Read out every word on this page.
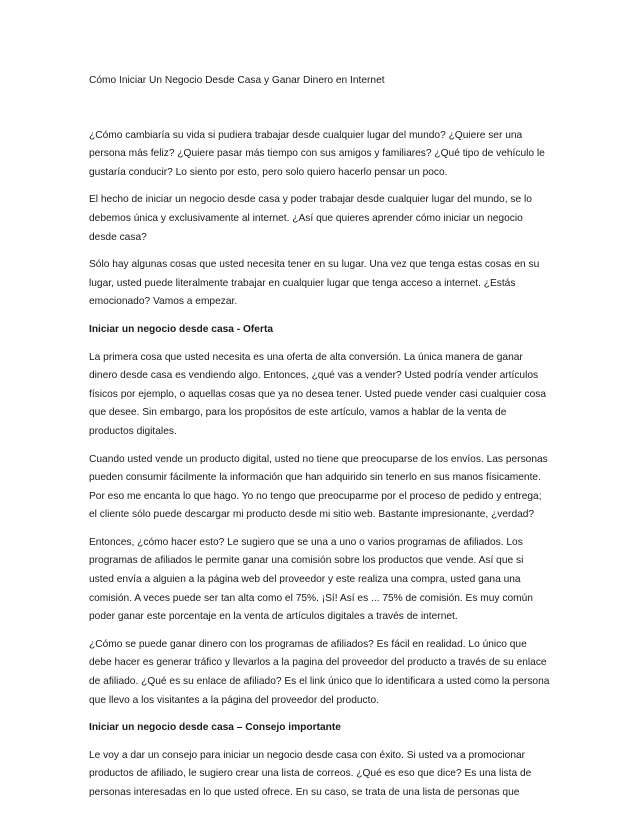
Cómo Iniciar Un Negocio Desde Casa y Ganar Dinero en Internet

¿Cómo cambiaría su vida si pudiera trabajar desde cualquier lugar del mundo? ¿Quiere ser una persona más feliz? ¿Quiere pasar más tiempo con sus amigos y familiares? ¿Qué tipo de vehículo le gustaría conducir? Lo siento por esto, pero solo quiero hacerlo pensar un poco.

El hecho de iniciar un negocio desde casa y poder trabajar desde cualquier lugar del mundo, se lo debemos única y exclusivamente al internet. ¿Así que quieres aprender cómo iniciar un negocio desde casa?

Sólo hay algunas cosas que usted necesita tener en su lugar. Una vez que tenga estas cosas en su lugar, usted puede literalmente trabajar en cualquier lugar que tenga acceso a internet. ¿Estás emocionado? Vamos a empezar.

Iniciar un negocio desde casa - Oferta

La primera cosa que usted necesita es una oferta de alta conversión. La única manera de ganar dinero desde casa es vendiendo algo. Entonces, ¿qué vas a vender? Usted podría vender artículos físicos por ejemplo, o aquellas cosas que ya no desea tener. Usted puede vender casi cualquier cosa que desee. Sin embargo, para los propósitos de este artículo, vamos a hablar de la venta de productos digitales.

Cuando usted vende un producto digital, usted no tiene que preocuparse de los envíos. Las personas pueden consumir fácilmente la información que han adquirido sin tenerlo en sus manos físicamente. Por eso me encanta lo que hago. Yo no tengo que preocuparme por el proceso de pedido y entrega; el cliente sólo puede descargar mi producto desde mi sitio web. Bastante impresionante, ¿verdad?

Entonces, ¿cómo hacer esto? Le sugiero que se una a uno o varios programas de afiliados. Los programas de afiliados le permite ganar una comisión sobre los productos que vende. Así que si usted envía a alguien a la página web del proveedor y este realiza una compra, usted gana una comisión. A veces puede ser tan alta como el 75%. ¡Sí! Así es ... 75% de comisión. Es muy común poder ganar este porcentaje en la venta de artículos digitales a través de internet.

¿Cómo se puede ganar dinero con los programas de afiliados? Es fácil en realidad. Lo único que debe hacer es generar tráfico y llevarlos a la pagina del proveedor del producto a través de su enlace de afiliado. ¿Qué es su enlace de afiliado? Es el link único que lo identificara a usted como la persona que llevo a los visitantes a la página del proveedor del producto.

Iniciar un negocio desde casa – Consejo importante

Le voy a dar un consejo para iniciar un negocio desde casa con éxito. Si usted va a promocionar productos de afiliado, le sugiero crear una lista de correos. ¿Qué es eso que dice? Es una lista de personas interesadas en lo que usted ofrece. En su caso, se trata de una lista de personas que
